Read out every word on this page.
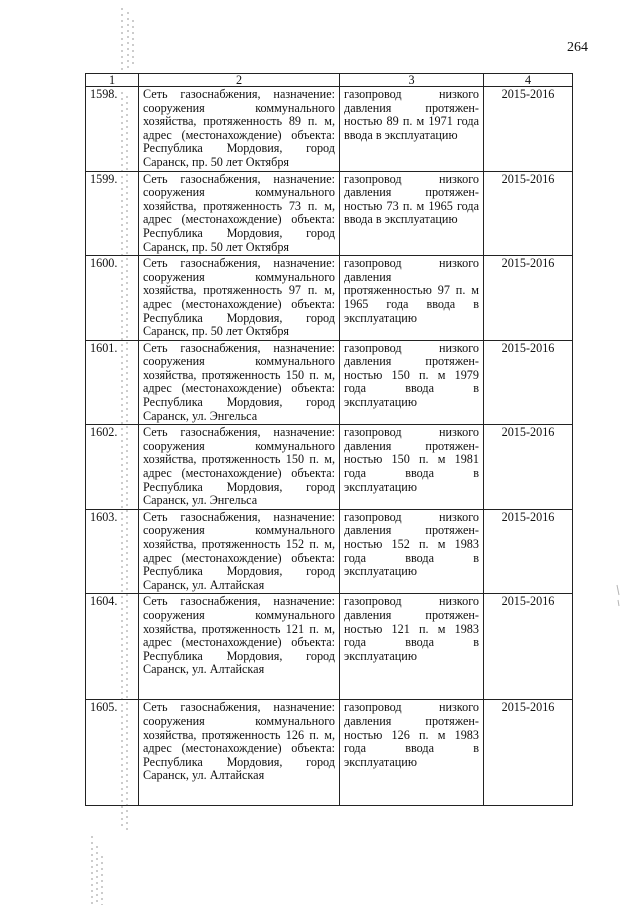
264
1	2	3	4
1598.	Сеть газоснабжения, назначение: сооружения коммунального хозяйства, протяженность 89 п. м, адрес (местонахождение) объекта: Республика Мордовия, город Саранск, пр. 50 лет Октября	газопровод низкого давления протяжен-ностью 89 п. м 1971 года ввода в эксплуатацию	2015-2016
1599.	Сеть газоснабжения, назначение: сооружения коммунального хозяйства, протяженность 73 п. м, адрес (местонахождение) объекта: Республика Мордовия, город Саранск, пр. 50 лет Октября	газопровод низкого давления протяжен-ностью 73 п. м 1965 года ввода в эксплуатацию	2015-2016
1600.	Сеть газоснабжения, назначение: сооружения коммунального хозяйства, протяженность 97 п. м, адрес (местонахождение) объекта: Республика Мордовия, город Саранск, пр. 50 лет Октября	газопровод низкого давления протяженностью 97 п. м 1965 года ввода в эксплуатацию	2015-2016
1601.	Сеть газоснабжения, назначение: сооружения коммунального хозяйства, протяженность 150 п. м, адрес (местонахождение) объекта: Республика Мордовия, город Саранск, ул. Энгельса	газопровод низкого давления протяжен-ностью 150 п. м 1979 года ввода в эксплуатацию	2015-2016
1602.	Сеть газоснабжения, назначение: сооружения коммунального хозяйства, протяженность 150 п. м, адрес (местонахождение) объекта: Республика Мордовия, город Саранск, ул. Энгельса	газопровод низкого давления протяжен-ностью 150 п. м 1981 года ввода в эксплуатацию	2015-2016
1603.	Сеть газоснабжения, назначение: сооружения коммунального хозяйства, протяженность 152 п. м, адрес (местонахождение) объекта: Республика Мордовия, город Саранск, ул. Алтайская	газопровод низкого давления протяжен-ностью 152 п. м 1983 года ввода в эксплуатацию	2015-2016
1604.	Сеть газоснабжения, назначение: сооружения коммунального хозяйства, протяженность 121 п. м, адрес (местонахождение) объекта: Республика Мордовия, город Саранск, ул. Алтайская	газопровод низкого давления протяжен-ностью 121 п. м 1983 года ввода в эксплуатацию	2015-2016
1605.	Сеть газоснабжения, назначение: сооружения коммунального хозяйства, протяженность 126 п. м, адрес (местонахождение) объекта: Республика Мордовия, город Саранск, ул. Алтайская	газопровод низкого давления протяжен-ностью 126 п. м 1983 года ввода в эксплуатацию	2015-2016
